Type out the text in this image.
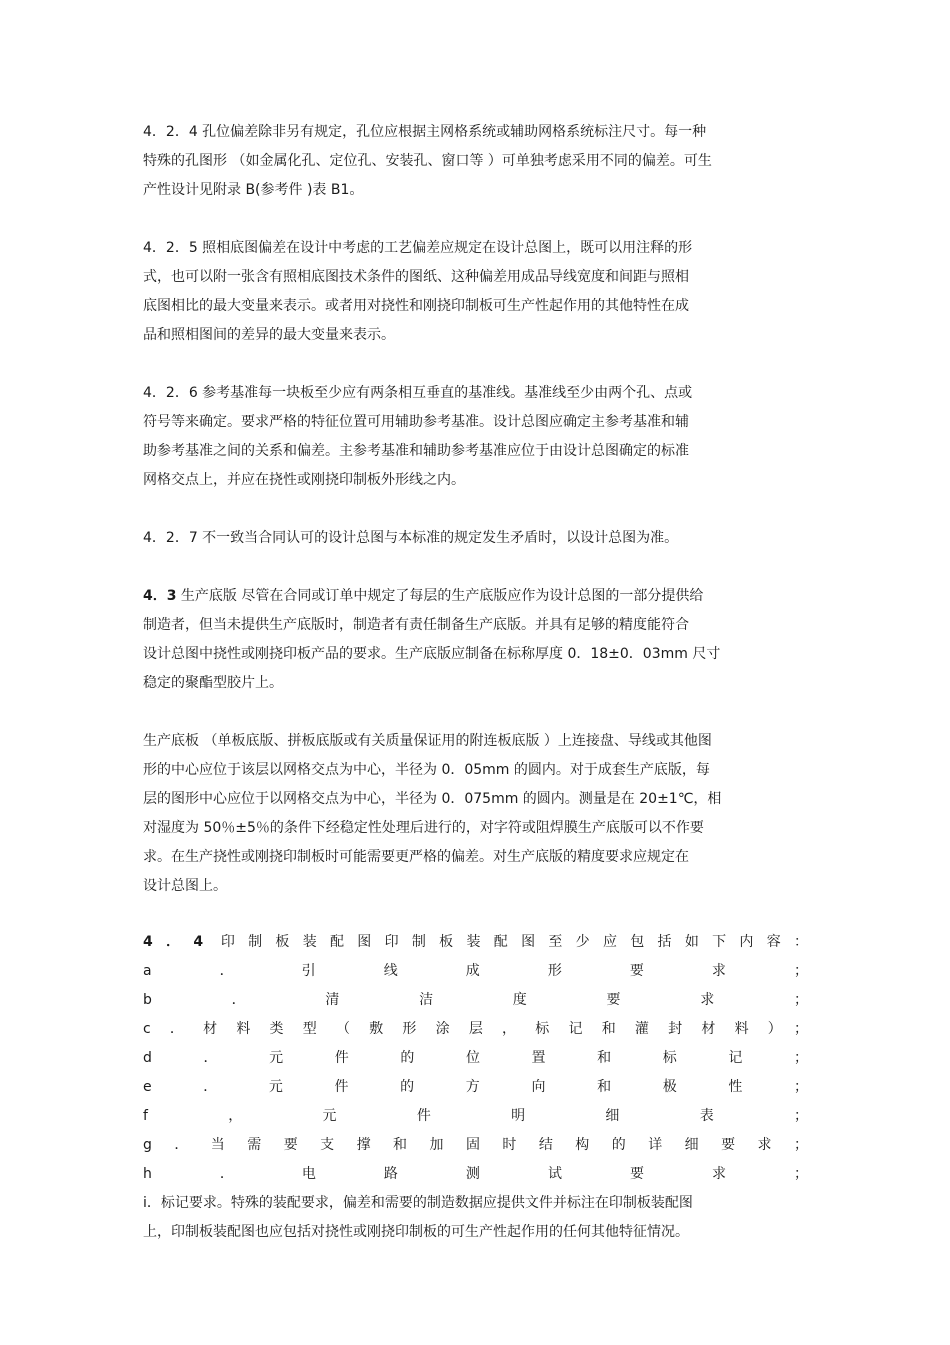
4．2．4 孔位偏差除非另有规定，孔位应根据主网格系统或辅助网格系统标注尺寸。每一种
特殊的孔图形 （如金属化孔、定位孔、安装孔、窗口等 ）可单独考虑采用不同的偏差。可生
产性设计见附录 B(参考件 )表 B1。
4．2．5 照相底图偏差在设计中考虑的工艺偏差应规定在设计总图上，既可以用注释的形
式，也可以附一张含有照相底图技术条件的图纸、这种偏差用成品导线宽度和间距与照相
底图相比的最大变量来表示。或者用对挠性和刚挠印制板可生产性起作用的其他特性在成
品和照相图间的差异的最大变量来表示。
4．2．6 参考基准每一块板至少应有两条相互垂直的基准线。基准线至少由两个孔、点或
符号等来确定。要求严格的特征位置可用辅助参考基准。设计总图应确定主参考基准和辅
助参考基准之间的关系和偏差。主参考基准和辅助参考基准应位于由设计总图确定的标准
网格交点上，并应在挠性或刚挠印制板外形线之内。
4．2．7 不一致当合同认可的设计总图与本标准的规定发生矛盾时，以设计总图为准。
4．3 生产底版 尽管在合同或订单中规定了每层的生产底版应作为设计总图的一部分提供给
制造者，但当未提供生产底版时，制造者有责任制备生产底版。并具有足够的精度能符合
设计总图中挠性或刚挠印板产品的要求。生产底版应制备在标称厚度 0．18±0．03mm 尺寸
稳定的聚酯型胶片上。
生产底板 （单板底版、拼板底版或有关质量保证用的附连板底版 ）上连接盘、导线或其他图
形的中心应位于该层以网格交点为中心，半径为 0．05mm 的圆内。对于成套生产底版，每
层的图形中心应位于以网格交点为中心，半径为 0．075mm 的圆内。测量是在 20±1℃，相
对湿度为 50％±5％的条件下经稳定性处理后进行的，对字符或阻焊膜生产底版可以不作要
求。在生产挠性或刚挠印制板时可能需要更严格的偏差。对生产底版的精度要求应规定在
设计总图上。
4．4 印制板装配图印制板装配图至少应包括如下内容：
a．引线成形要求；
b．清洁度要求；
c．材料类型（敷形涂层，标记和灌封材料）；
d．元件的位置和标记；
e．元件的方向和极性；
f，元件明细表；
g．当需要支撑和加固时结构的详细要求；
h．电路测试要求；
i．标记要求。特殊的装配要求，偏差和需要的制造数据应提供文件并标注在印制板装配图
上，印制板装配图也应包括对挠性或刚挠印制板的可生产性起作用的任何其他特征情况。
